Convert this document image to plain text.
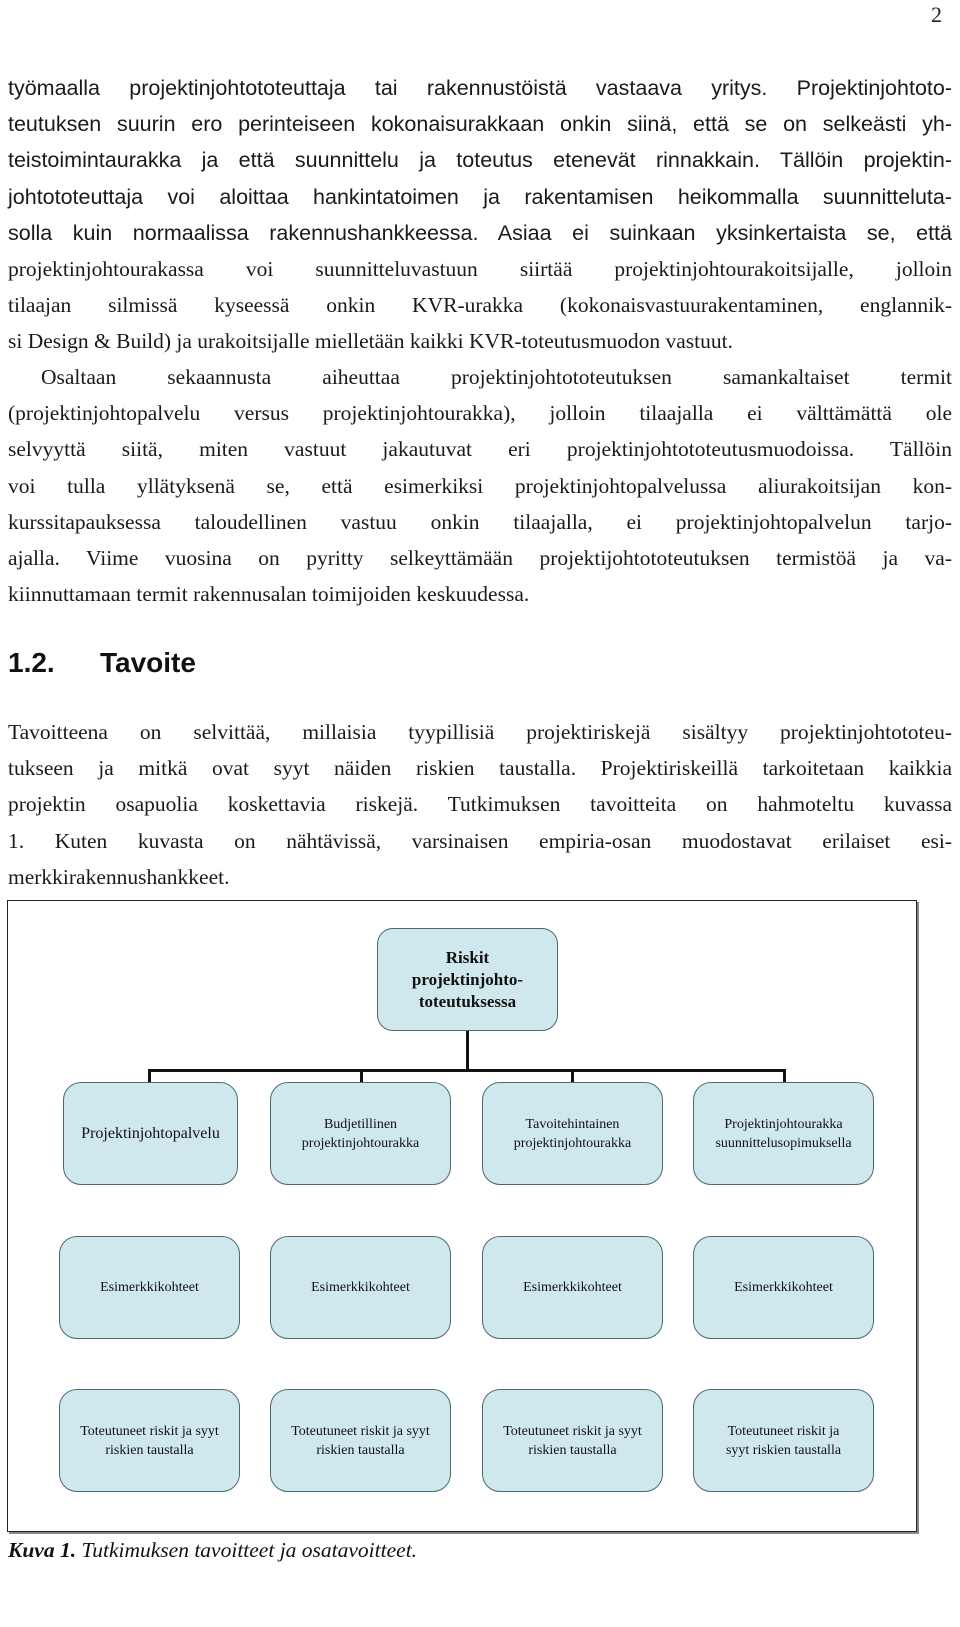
2
työmaalla projektinjohtototeuttaja tai rakennustöistä vastaava yritys. Projektinjohtoto-
teutuksen suurin ero perinteiseen kokonaisurakkaan onkin siinä, että se on selkeästi yh-
teistoimintaurakka ja että suunnittelu ja toteutus etenevät rinnakkain. Tällöin projektin-
johtototeuttaja voi aloittaa hankintatoimen ja rakentamisen heikommalla suunnitteluta-
solla kuin normaalissa rakennushankkeessa. Asiaa ei suinkaan yksinkertaista se, että
projektinjohtourakassa voi suunnitteluvastuun siirtää projektinjohtourakoitsijalle, jolloin
tilaajan silmissä kyseessä onkin KVR-urakka (kokonaisvastuurakentaminen, englannik-
si Design & Build) ja urakoitsijalle mielletään kaikki KVR-toteutusmuodon vastuut.
Osaltaan sekaannusta aiheuttaa projektinjohtototeutuksen samankaltaiset termit
(projektinjohtopalvelu versus projektinjohtourakka), jolloin tilaajalla ei välttämättä ole
selvyyttä siitä, miten vastuut jakautuvat eri projektinjohtototeutusmuodoissa. Tällöin
voi tulla yllätyksenä se, että esimerkiksi projektinjohtopalvelussa aliurakoitsijan kon-
kurssitapauksessa taloudellinen vastuu onkin tilaajalla, ei projektinjohtopalvelun tarjo-
ajalla. Viime vuosina on pyritty selkeyttämään projektijohtototeutuksen termistöä ja va-
kiinnuttamaan termit rakennusalan toimijoiden keskuudessa.
1.2. Tavoite
Tavoitteena on selvittää, millaisia tyypillisiä projektiriskejä sisältyy projektinjohtototeu-
tukseen ja mitkä ovat syyt näiden riskien taustalla. Projektiriskeillä tarkoitetaan kaikkia
projektin osapuolia koskettavia riskejä. Tutkimuksen tavoitteita on hahmoteltu kuvassa
1. Kuten kuvasta on nähtävissä, varsinaisen empiria-osan muodostavat erilaiset esi-
merkkirakennushankkeet.
Riskit
projektinjohto-
toteutuksessa
Projektinjohtopalvelu
Budjetillinen
projektinjohtourakka
Tavoitehintainen
projektinjohtourakka
Projektinjohtourakka
suunnittelusopimuksella
Esimerkkikohteet	Esimerkkikohteet	Esimerkkikohteet	Esimerkkikohteet
Toteutuneet riskit ja syyt
riskien taustalla
Toteutuneet riskit ja syyt
riskien taustalla
Toteutuneet riskit ja syyt
riskien taustalla
Toteutuneet riskit ja
syyt riskien taustalla
Kuva 1. Tutkimuksen tavoitteet ja osatavoitteet.
